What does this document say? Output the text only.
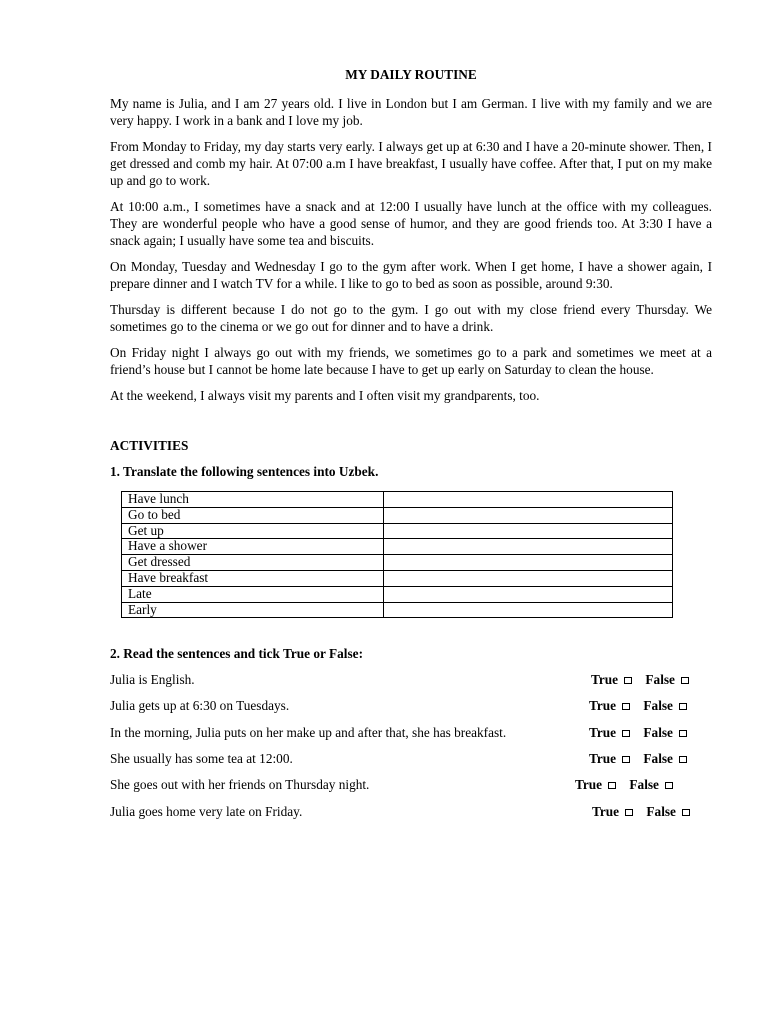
MY DAILY ROUTINE

My name is Julia, and I am 27 years old. I live in London but I am German. I live with my family and we are very happy. I work in a bank and I love my job.

From Monday to Friday, my day starts very early. I always get up at 6:30 and I have a 20-minute shower. Then, I get dressed and comb my hair. At 07:00 a.m I have breakfast, I usually have coffee. After that, I put on my make up and go to work.

At 10:00 a.m., I sometimes have a snack and at 12:00 I usually have lunch at the office with my colleagues. They are wonderful people who have a good sense of humor, and they are good friends too. At 3:30 I have a snack again; I usually have some tea and biscuits.

On Monday, Tuesday and Wednesday I go to the gym after work. When I get home, I have a shower again, I prepare dinner and I watch TV for a while. I like to go to bed as soon as possible, around 9:30.

Thursday is different because I do not go to the gym. I go out with my close friend every Thursday. We sometimes go to the cinema or we go out for dinner and to have a drink.

On Friday night I always go out with my friends, we sometimes go to a park and sometimes we meet at a friend’s house but I cannot be home late because I have to get up early on Saturday to clean the house.

At the weekend, I always visit my parents and I often visit my grandparents, too.

ACTIVITIES
1. Translate the following sentences into Uzbek.
Have lunch	
Go to bed	
Get up	
Have a shower	
Get dressed	
Have breakfast	
Late	
Early	
2. Read the sentences and tick True or False:
Julia is English.	True False
Julia gets up at 6:30 on Tuesdays.	True False
In the morning, Julia puts on her make up and after that, she has breakfast.	True False
She usually has some tea at 12:00.	True False
She goes out with her friends on Thursday night.	True False
Julia goes home very late on Friday.	True False
